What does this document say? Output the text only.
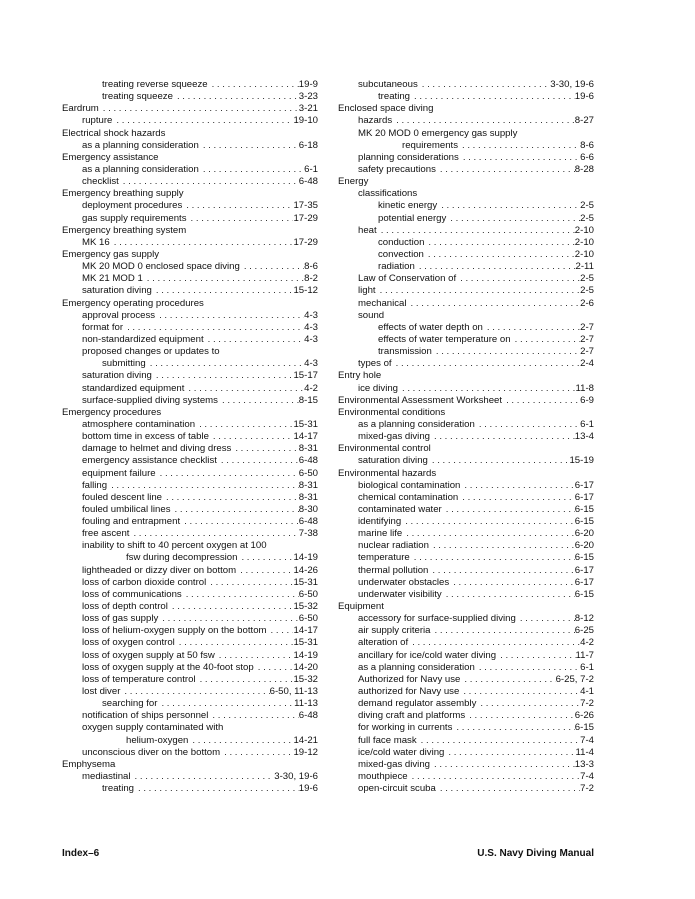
treating reverse squeeze . . .	19-9
treating squeeze . . .	3-23
Eardrum . . .	3-21
rupture . . .	19-10
Electrical shock hazards
as a planning consideration . . .	6-18
Emergency assistance
as a planning consideration . . .	6-1
checklist . . .	6-48
Emergency breathing supply
deployment procedures . . .	17-35
gas supply requirements . . .	17-29
Emergency breathing system
MK 16 . . .	17-29
Emergency gas supply
MK 20 MOD 0 enclosed space diving . . .	8-6
MK 21 MOD 1 . . .	8-2
saturation diving . . .	15-12
Emergency operating procedures
approval process . . .	4-3
format for . . .	4-3
non-standardized equipment . . .	4-3
proposed changes or updates to
submitting . . .	4-3
saturation diving . . .	15-17
standardized equipment . . .	4-2
surface-supplied diving systems . . .	8-15
Emergency procedures
atmosphere contamination . . .	15-31
bottom time in excess of table . . .	14-17
damage to helmet and diving dress . . .	8-31
emergency assistance checklist . . .	6-48
equipment failure . . .	6-50
falling . . .	8-31
fouled descent line . . .	8-31
fouled umbilical lines . . .	8-30
fouling and entrapment . . .	6-48
free ascent . . .	7-38
inability to shift to 40 percent oxygen at 100
fsw during decompression . . .	14-19
lightheaded or dizzy diver on bottom . . .	14-26
loss of carbon dioxide control . . .	15-31
loss of communications . . .	6-50
loss of depth control . . .	15-32
loss of gas supply . . .	6-50
loss of helium-oxygen supply on the bottom . . .	14-17
loss of oxygen control . . .	15-31
loss of oxygen supply at 50 fsw . . .	14-19
loss of oxygen supply at the 40-foot stop . . .	14-20
loss of temperature control . . .	15-32
lost diver . . .	6-50, 11-13
searching for . . .	11-13
notification of ships personnel . . .	6-48
oxygen supply contaminated with
helium-oxygen . . .	14-21
unconscious diver on the bottom . . .	19-12
Emphysema
mediastinal . . .	3-30, 19-6
treating . . .	19-6
subcutaneous . . .	3-30, 19-6
treating . . .	19-6
Enclosed space diving
hazards . . .	8-27
MK 20 MOD 0 emergency gas supply
requirements . . .	8-6
planning considerations . . .	6-6
safety precautions . . .	8-28
Energy
classifications
kinetic energy . . .	2-5
potential energy . . .	2-5
heat . . .	2-10
conduction . . .	2-10
convection . . .	2-10
radiation . . .	2-11
Law of Conservation of . . .	2-5
light . . .	2-5
mechanical . . .	2-6
sound
effects of water depth on . . .	2-7
effects of water temperature on . . .	2-7
transmission . . .	2-7
types of . . .	2-4
Entry hole
ice diving . . .	11-8
Environmental Assessment Worksheet . . .	6-9
Environmental conditions
as a planning consideration . . .	6-1
mixed-gas diving . . .	13-4
Environmental control
saturation diving . . .	15-19
Environmental hazards
biological contamination . . .	6-17
chemical contamination . . .	6-17
contaminated water . . .	6-15
identifying . . .	6-15
marine life . . .	6-20
nuclear radiation . . .	6-20
temperature . . .	6-15
thermal pollution . . .	6-17
underwater obstacles . . .	6-17
underwater visibility . . .	6-15
Equipment
accessory for surface-supplied diving . . .	8-12
air supply criteria . . .	6-25
alteration of . . .	4-2
ancillary for ice/cold water diving . . .	11-7
as a planning consideration . . .	6-1
Authorized for Navy use . . .	6-25, 7-2
authorized for Navy use . . .	4-1
demand regulator assembly . . .	7-2
diving craft and platforms . . .	6-26
for working in currents . . .	6-15
full face mask . . .	7-4
ice/cold water diving . . .	11-4
mixed-gas diving . . .	13-3
mouthpiece . . .	7-4
open-circuit scuba . . .	7-2
Index–6	U.S. Navy Diving Manual
